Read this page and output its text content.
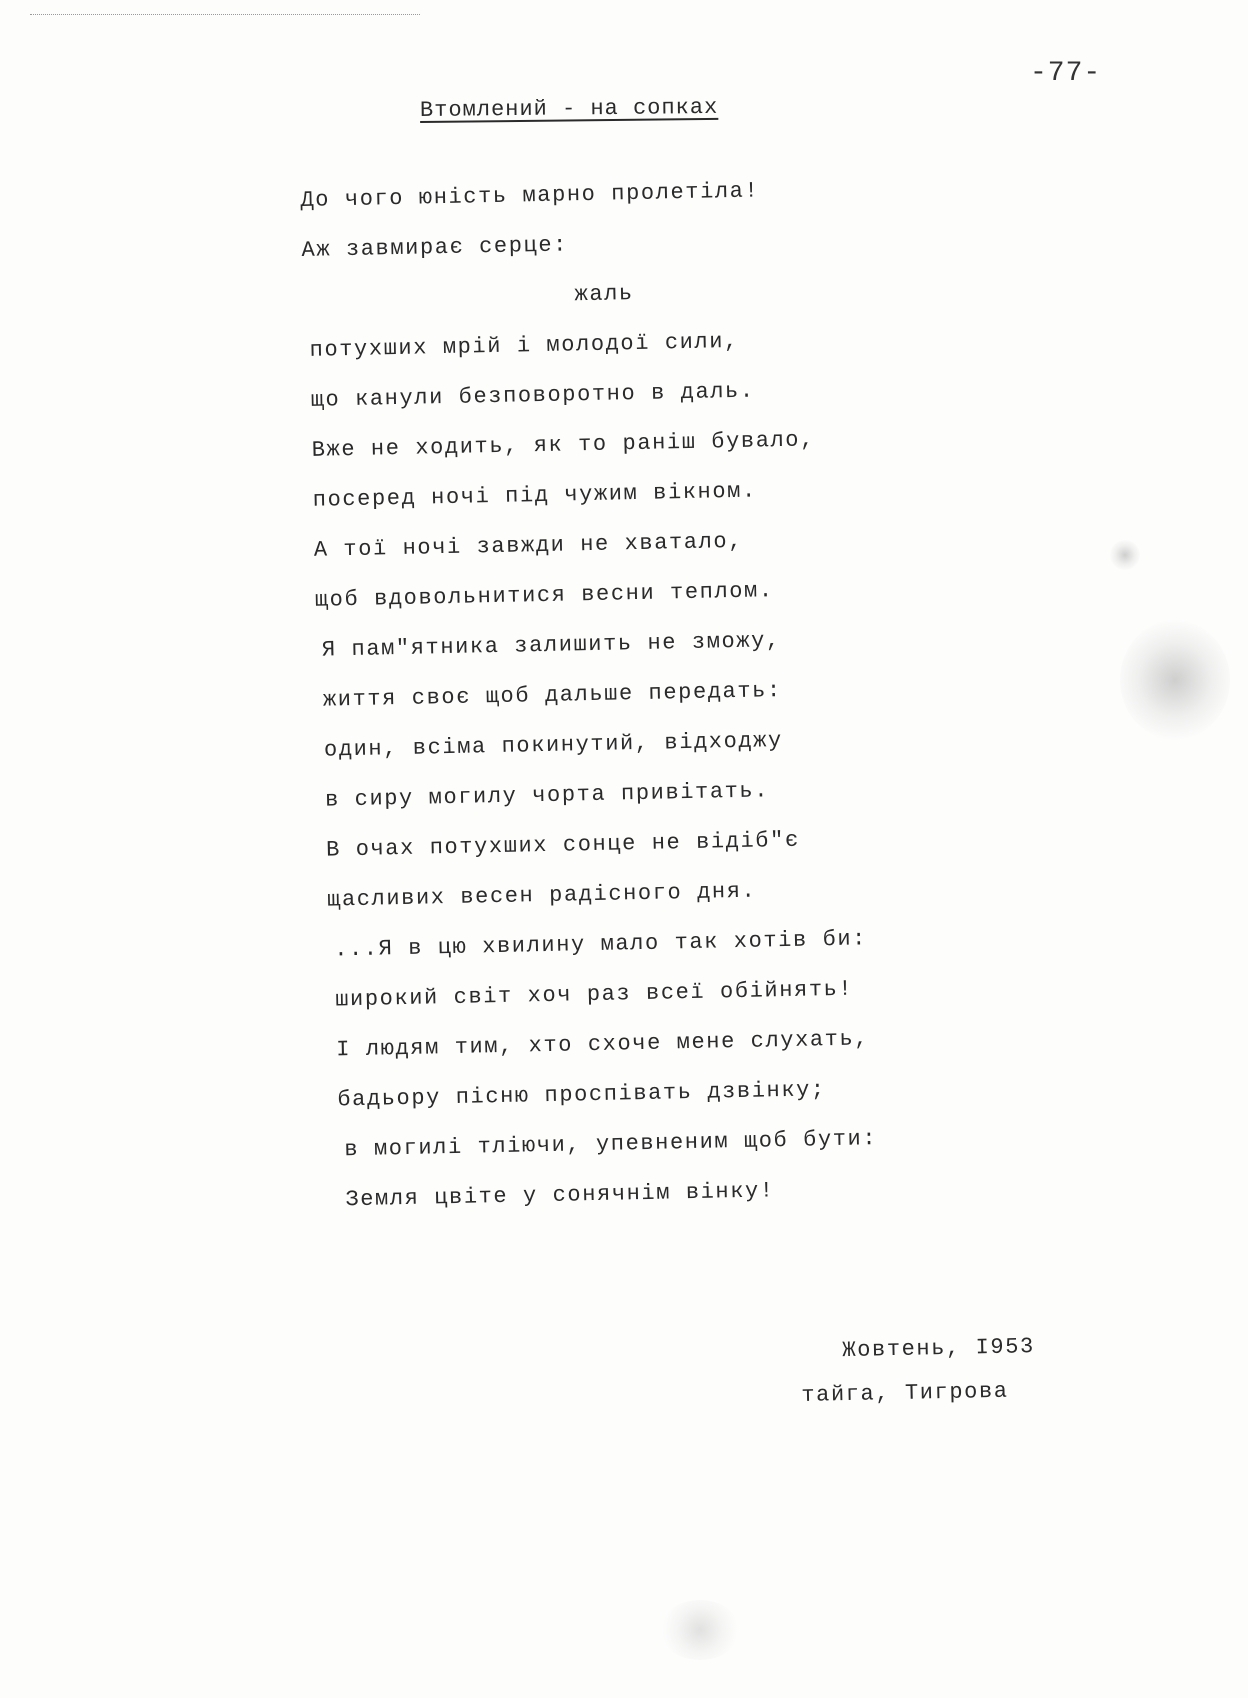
-77-
Втомлений - на сопках
До чого юність марно пролетіла!
Аж завмирає серце:
жаль
потухших мрій і молодої сили,
що канули безповоротно в даль.
Вже не ходить, як то раніш бувало,
посеред ночі під чужим вікном.
А тої ночі завжди не хватало,
щоб вдовольнитися весни теплом.
Я пам"ятника залишить не зможу,
життя своє щоб дальше передать:
один, всіма покинутий, відходжу
в сиру могилу чорта привітать.
В очах потухших сонце не відіб"є
щасливих весен радісного дня.
...Я в цю хвилину мало так хотів би:
широкий світ хоч раз всеї обійнять!
І людям тим, хто схоче мене слухать,
бадьору пісню проспівать дзвінку;
в могилі тліючи, упевненим щоб бути:
Земля цвіте у сонячнім вінку!
Жовтень, I953
тайга, Тигрова
